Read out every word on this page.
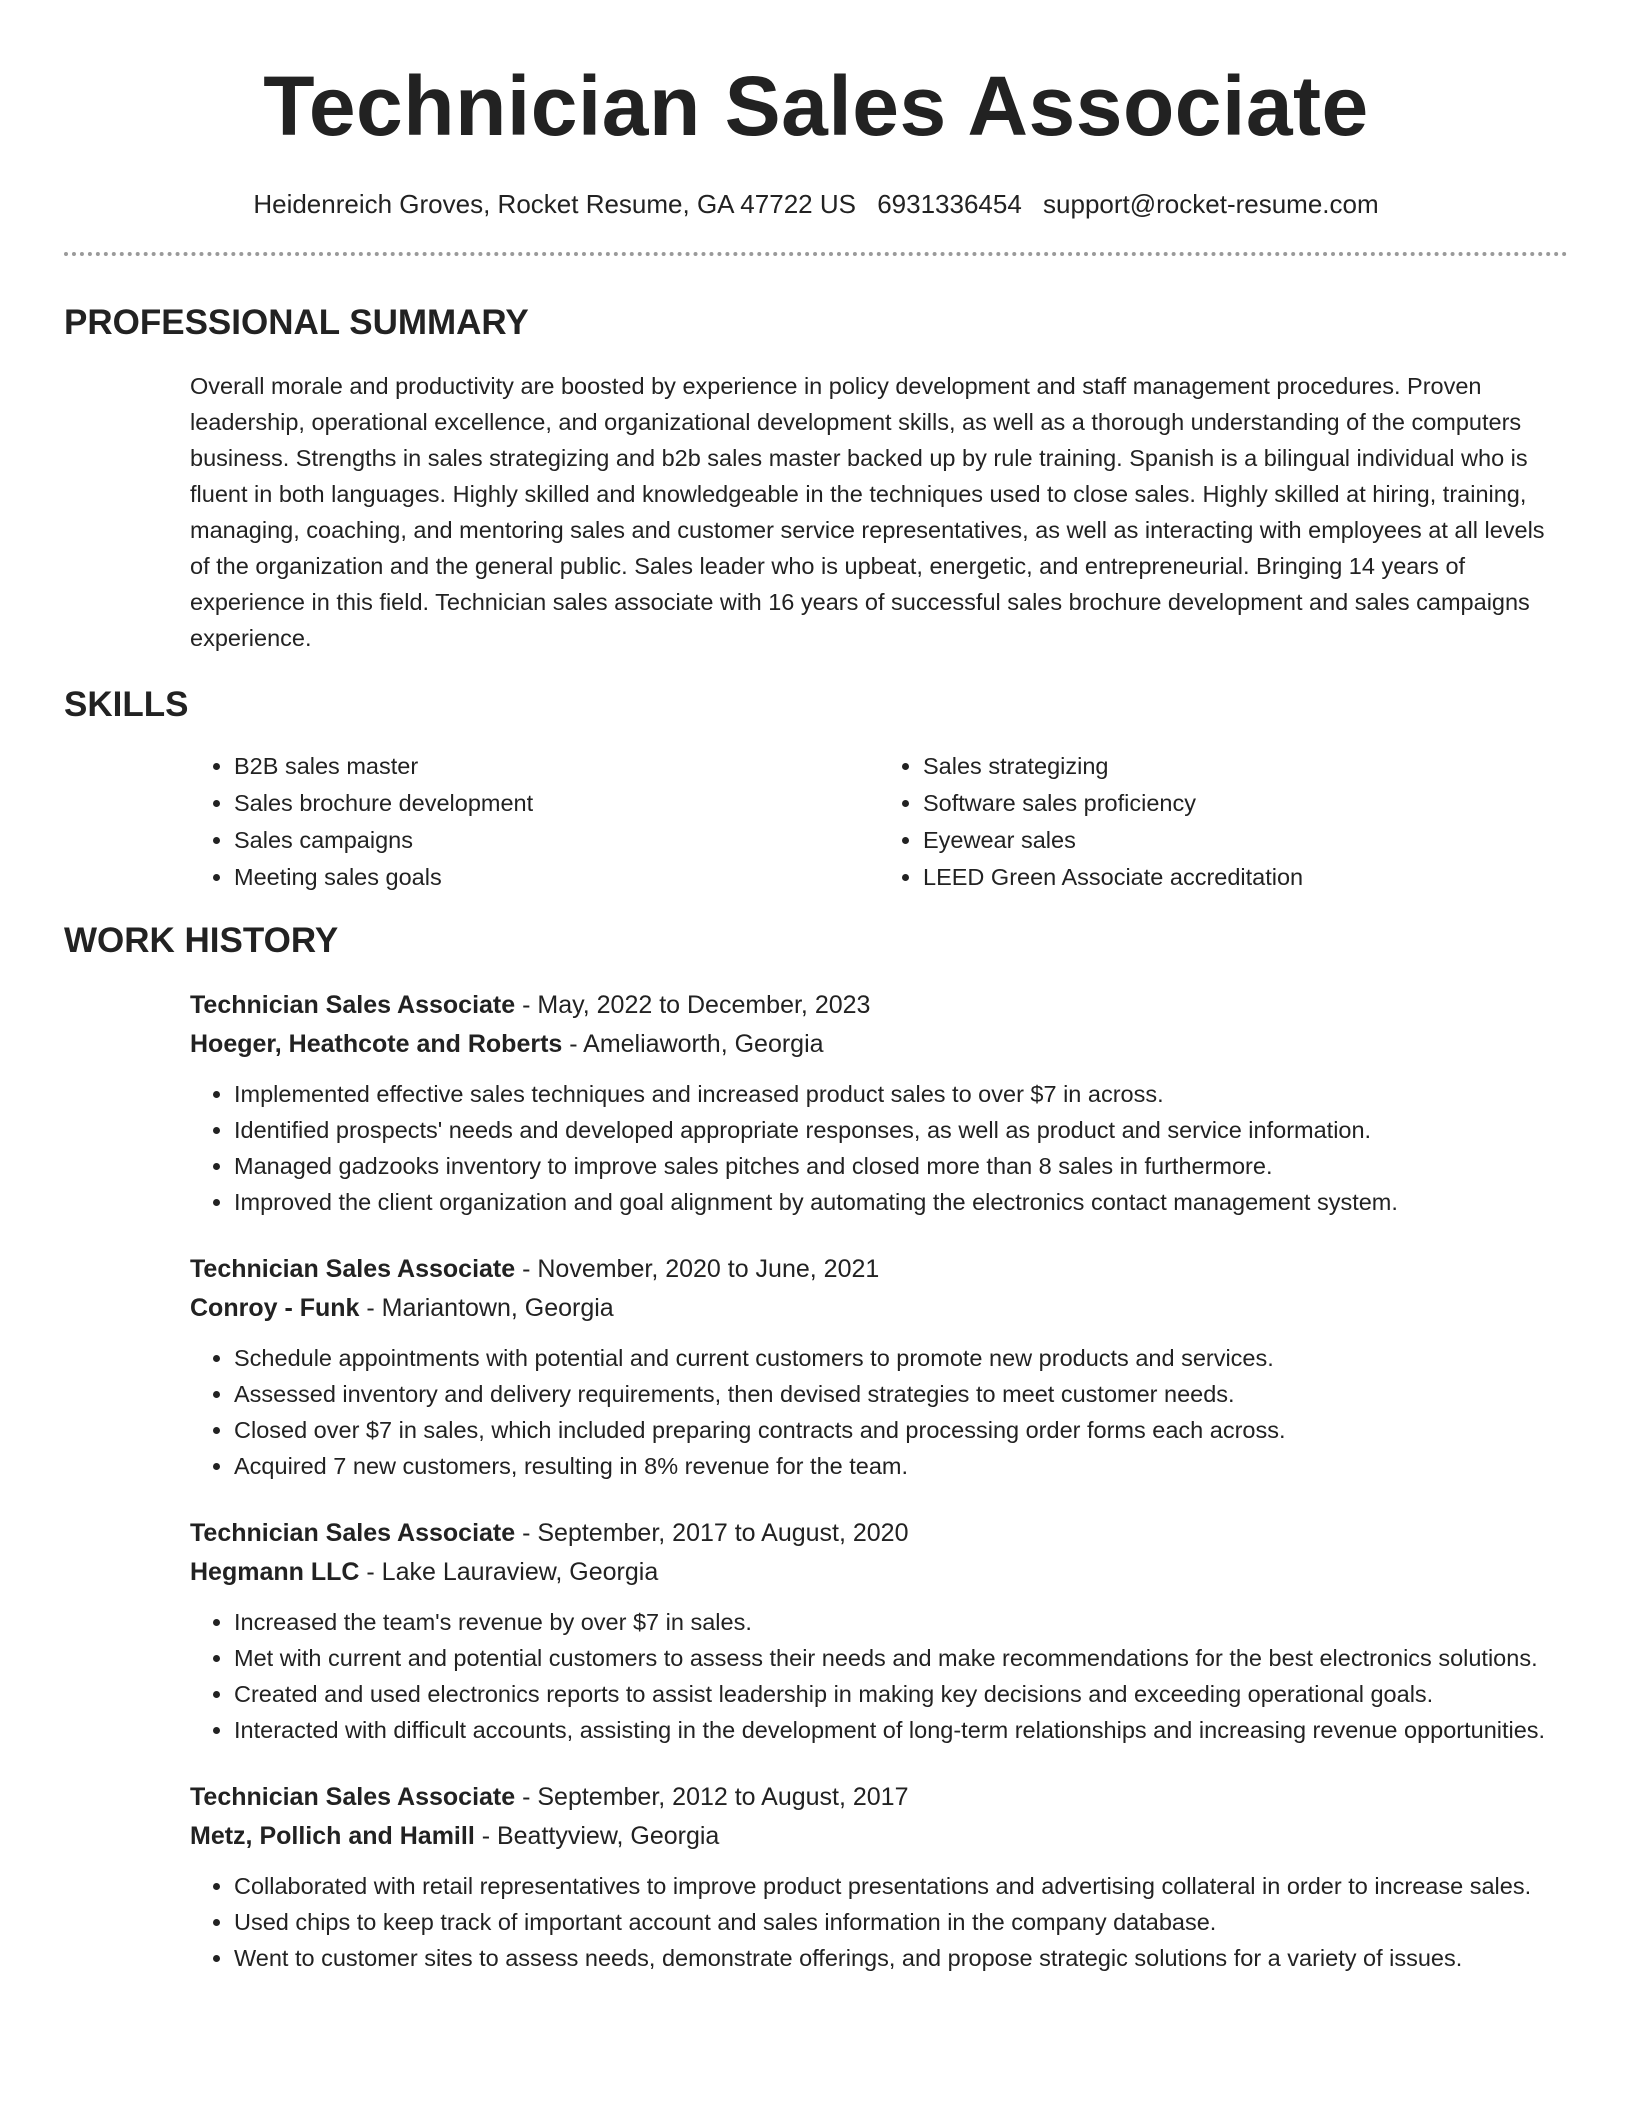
Technician Sales Associate
Heidenreich Groves, Rocket Resume, GA 47722 US 6931336454 support@rocket-resume.com
PROFESSIONAL SUMMARY
Overall morale and productivity are boosted by experience in policy development and staff management procedures. Proven leadership, operational excellence, and organizational development skills, as well as a thorough understanding of the computers business. Strengths in sales strategizing and b2b sales master backed up by rule training. Spanish is a bilingual individual who is fluent in both languages. Highly skilled and knowledgeable in the techniques used to close sales. Highly skilled at hiring, training, managing, coaching, and mentoring sales and customer service representatives, as well as interacting with employees at all levels of the organization and the general public. Sales leader who is upbeat, energetic, and entrepreneurial. Bringing 14 years of experience in this field. Technician sales associate with 16 years of successful sales brochure development and sales campaigns experience.
SKILLS
• B2B sales master
• Sales brochure development
• Sales campaigns
• Meeting sales goals
• Sales strategizing
• Software sales proficiency
• Eyewear sales
• LEED Green Associate accreditation
WORK HISTORY
Technician Sales Associate - May, 2022 to December, 2023
Hoeger, Heathcote and Roberts - Ameliaworth, Georgia
• Implemented effective sales techniques and increased product sales to over $7 in across.
• Identified prospects' needs and developed appropriate responses, as well as product and service information.
• Managed gadzooks inventory to improve sales pitches and closed more than 8 sales in furthermore.
• Improved the client organization and goal alignment by automating the electronics contact management system.
Technician Sales Associate - November, 2020 to June, 2021
Conroy - Funk - Mariantown, Georgia
• Schedule appointments with potential and current customers to promote new products and services.
• Assessed inventory and delivery requirements, then devised strategies to meet customer needs.
• Closed over $7 in sales, which included preparing contracts and processing order forms each across.
• Acquired 7 new customers, resulting in 8% revenue for the team.
Technician Sales Associate - September, 2017 to August, 2020
Hegmann LLC - Lake Lauraview, Georgia
• Increased the team's revenue by over $7 in sales.
• Met with current and potential customers to assess their needs and make recommendations for the best electronics solutions.
• Created and used electronics reports to assist leadership in making key decisions and exceeding operational goals.
• Interacted with difficult accounts, assisting in the development of long-term relationships and increasing revenue opportunities.
Technician Sales Associate - September, 2012 to August, 2017
Metz, Pollich and Hamill - Beattyview, Georgia
• Collaborated with retail representatives to improve product presentations and advertising collateral in order to increase sales.
• Used chips to keep track of important account and sales information in the company database.
• Went to customer sites to assess needs, demonstrate offerings, and propose strategic solutions for a variety of issues.
